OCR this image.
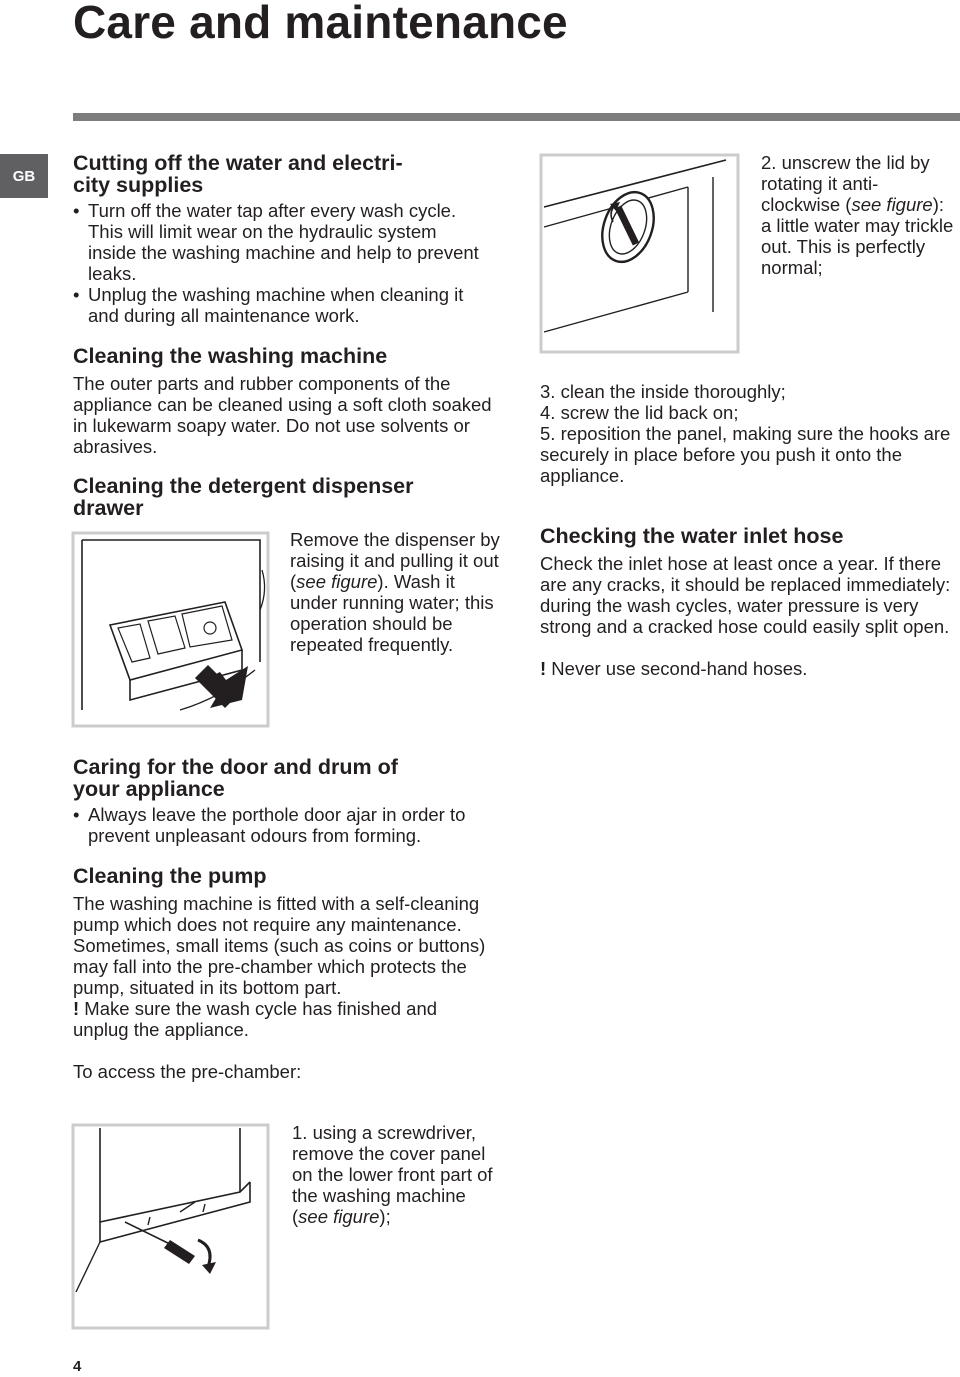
Care and maintenance
GB
Cutting off the water and electri-
city supplies
• Turn off the water tap after every wash cycle. This will limit wear on the hydraulic system inside the washing machine and help to prevent leaks.
• Unplug the washing machine when cleaning it and during all maintenance work.
Cleaning the washing machine

The outer parts and rubber components of the appliance can be cleaned using a soft cloth soaked in lukewarm soapy water. Do not use solvents or abrasives.

Cleaning the detergent dispenser
drawer

Remove the dispenser by raising it and pulling it out (see figure). Wash it under running water; this operation should be repeated frequently.

Caring for the door and drum of
your appliance
• Always leave the porthole door ajar in order to prevent unpleasant odours from forming.
Cleaning the pump

The washing machine is fitted with a self-cleaning pump which does not require any maintenance. Sometimes, small items (such as coins or buttons) may fall into the pre-chamber which protects the pump, situated in its bottom part.

! Make sure the wash cycle has finished and unplug the appliance.

To access the pre-chamber:

1. using a screwdriver, remove the cover panel on the lower front part of the washing machine (see figure);

2. unscrew the lid by rotating it anti-clockwise (see figure): a little water may trickle out. This is perfectly normal;

3. clean the inside thoroughly;

4. screw the lid back on;

5. reposition the panel, making sure the hooks are securely in place before you push it onto the appliance.

Checking the water inlet hose

Check the inlet hose at least once a year. If there are any cracks, it should be replaced immediately: during the wash cycles, water pressure is very strong and a cracked hose could easily split open.

! Never use second-hand hoses.

4
